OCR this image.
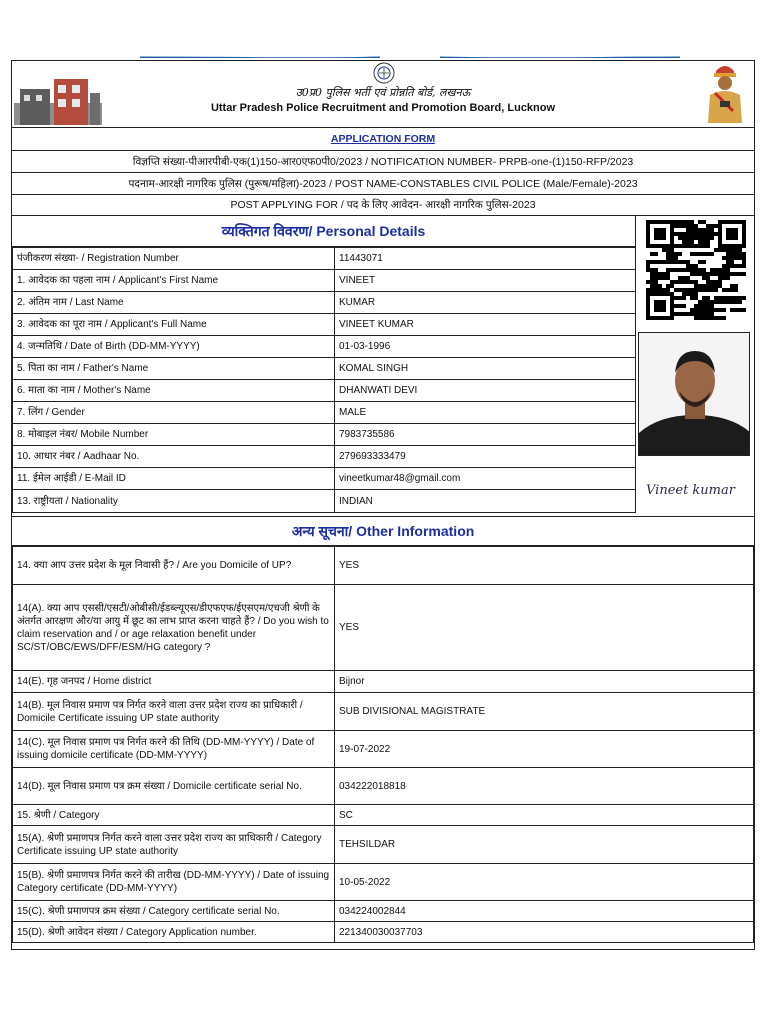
उ0प्र0 पुलिस भर्ती एवं प्रोन्नति बोर्ड, लखनऊ
Uttar Pradesh Police Recruitment and Promotion Board, Lucknow
APPLICATION FORM
विज्ञप्ति संख्या-पीआरपीबी-एक(1)150-आर0एफ0पी0/2023 / NOTIFICATION NUMBER- PRPB-one-(1)150-RFP/2023
पदनाम-आरक्षी नागरिक पुलिस (पुरूष/महिला)-2023 / POST NAME-CONSTABLES CIVIL POLICE (Male/Female)-2023
POST APPLYING FOR / पद के लिए आवेदन- आरक्षी नागरिक पुलिस-2023
व्यक्तिगत विवरण / Personal Details
पंजीकरण संख्या- / Registration Number	11443071
1. आवेदक का पहला नाम / Applicant's First Name	VINEET
2. अंतिम नाम / Last Name	KUMAR
3. आवेदक का पूरा नाम / Applicant's Full Name	VINEET KUMAR
4. जन्मतिथि / Date of Birth (DD-MM-YYYY)	01-03-1996
5. पिता का नाम / Father's Name	KOMAL SINGH
6. माता का नाम / Mother's Name	DHANWATI DEVI
7. लिंग / Gender	MALE
8. मोबाइल नंबर/ Mobile Number	7983735586
10. आधार नंबर / Aadhaar No.	279693333479
11. ईमेल आईडी / E-Mail ID	vineetkumar48@gmail.com
13. राष्ट्रीयता / Nationality	INDIAN
Vineet kumar
अन्य सूचना / Other Information
14. क्या आप उत्तर प्रदेश के मूल निवासी हैं? / Are you Domicile of UP?	YES
14(A). क्या आप एससी/एसटी/ओबीसी/ईडब्ल्यूएस/डीएफएफ/ईएसएम/एचजी श्रेणी के अंतर्गत आरक्षण और/या आयु में छूट का लाभ प्राप्त करना चाहते हैं? / Do you wish to claim reservation and / or age relaxation benefit under SC/ST/OBC/EWS/DFF/ESM/HG category ?	YES
14(E). गृह जनपद / Home district	Bijnor
14(B). मूल निवास प्रमाण पत्र निर्गत करने वाला उत्तर प्रदेश राज्य का प्राधिकारी / Domicile Certificate issuing UP state authority	SUB DIVISIONAL MAGISTRATE
14(C). मूल निवास प्रमाण पत्र निर्गत करने की तिथि (DD-MM-YYYY) / Date of issuing domicile certificate (DD-MM-YYYY)	19-07-2022
14(D). मूल निवास प्रमाण पत्र क्रम संख्या / Domicile certificate serial No.	034222018818
15. श्रेणी / Category	SC
15(A). श्रेणी प्रमाणपत्र निर्गत करने वाला उत्तर प्रदेश राज्य का प्राधिकारी / Category Certificate issuing UP state authority	TEHSILDAR
15(B). श्रेणी प्रमाणपत्र निर्गत करने की तारीख (DD-MM-YYYY) / Date of issuing Category certificate (DD-MM-YYYY)	10-05-2022
15(C). श्रेणी प्रमाणपत्र क्रम संख्या / Category certificate serial No.	034224002844
15(D). श्रेणी आवेदन संख्या / Category Application number.	221340030037703
